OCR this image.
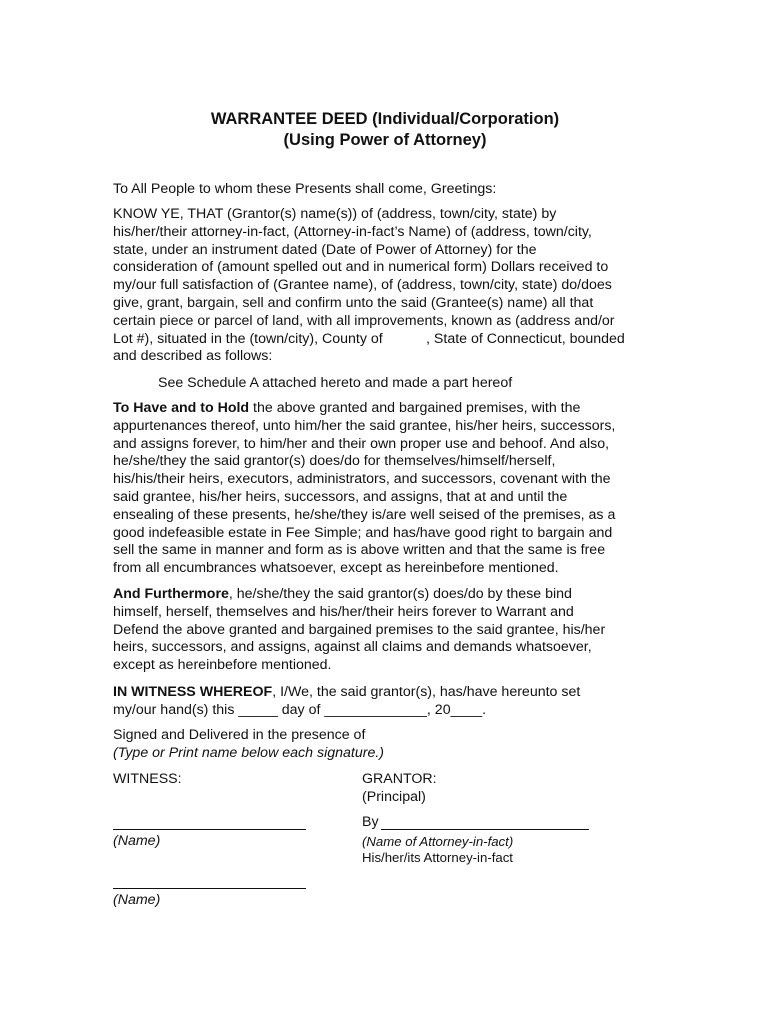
WARRANTEE DEED (Individual/Corporation)
(Using Power of Attorney)
To All People to whom these Presents shall come, Greetings:
KNOW YE, THAT (Grantor(s) name(s)) of (address, town/city, state) by
his/her/their attorney-in-fact, (Attorney-in-fact’s Name) of (address, town/city,
state, under an instrument dated (Date of Power of Attorney) for the
consideration of (amount spelled out and in numerical form) Dollars received to
my/our full satisfaction of (Grantee name), of (address, town/city, state) do/does
give, grant, bargain, sell and confirm unto the said (Grantee(s) name) all that
certain piece or parcel of land, with all improvements, known as (address and/or
Lot #), situated in the (town/city), County of           , State of Connecticut, bounded
and described as follows:
See Schedule A attached hereto and made a part hereof
To Have and to Hold the above granted and bargained premises, with the
appurtenances thereof, unto him/her the said grantee, his/her heirs, successors,
and assigns forever, to him/her and their own proper use and behoof. And also,
he/she/they the said grantor(s) does/do for themselves/himself/herself,
his/his/their heirs, executors, administrators, and successors, covenant with the
said grantee, his/her heirs, successors, and assigns, that at and until the
ensealing of these presents, he/she/they is/are well seised of the premises, as a
good indefeasible estate in Fee Simple; and has/have good right to bargain and
sell the same in manner and form as is above written and that the same is free
from all encumbrances whatsoever, except as hereinbefore mentioned.
And Furthermore, he/she/they the said grantor(s) does/do by these bind
himself, herself, themselves and his/her/their heirs forever to Warrant and
Defend the above granted and bargained premises to the said grantee, his/her
heirs, successors, and assigns, against all claims and demands whatsoever,
except as hereinbefore mentioned.
IN WITNESS WHEREOF, I/We, the said grantor(s), has/have hereunto set
my/our hand(s) this _____ day of _____________, 20____.
Signed and Delivered in the presence of
(Type or Print name below each signature.)
WITNESS:	GRANTOR:
(Principal)
By
(Name)	(Name of Attorney-in-fact)
His/her/its Attorney-in-fact
(Name)
